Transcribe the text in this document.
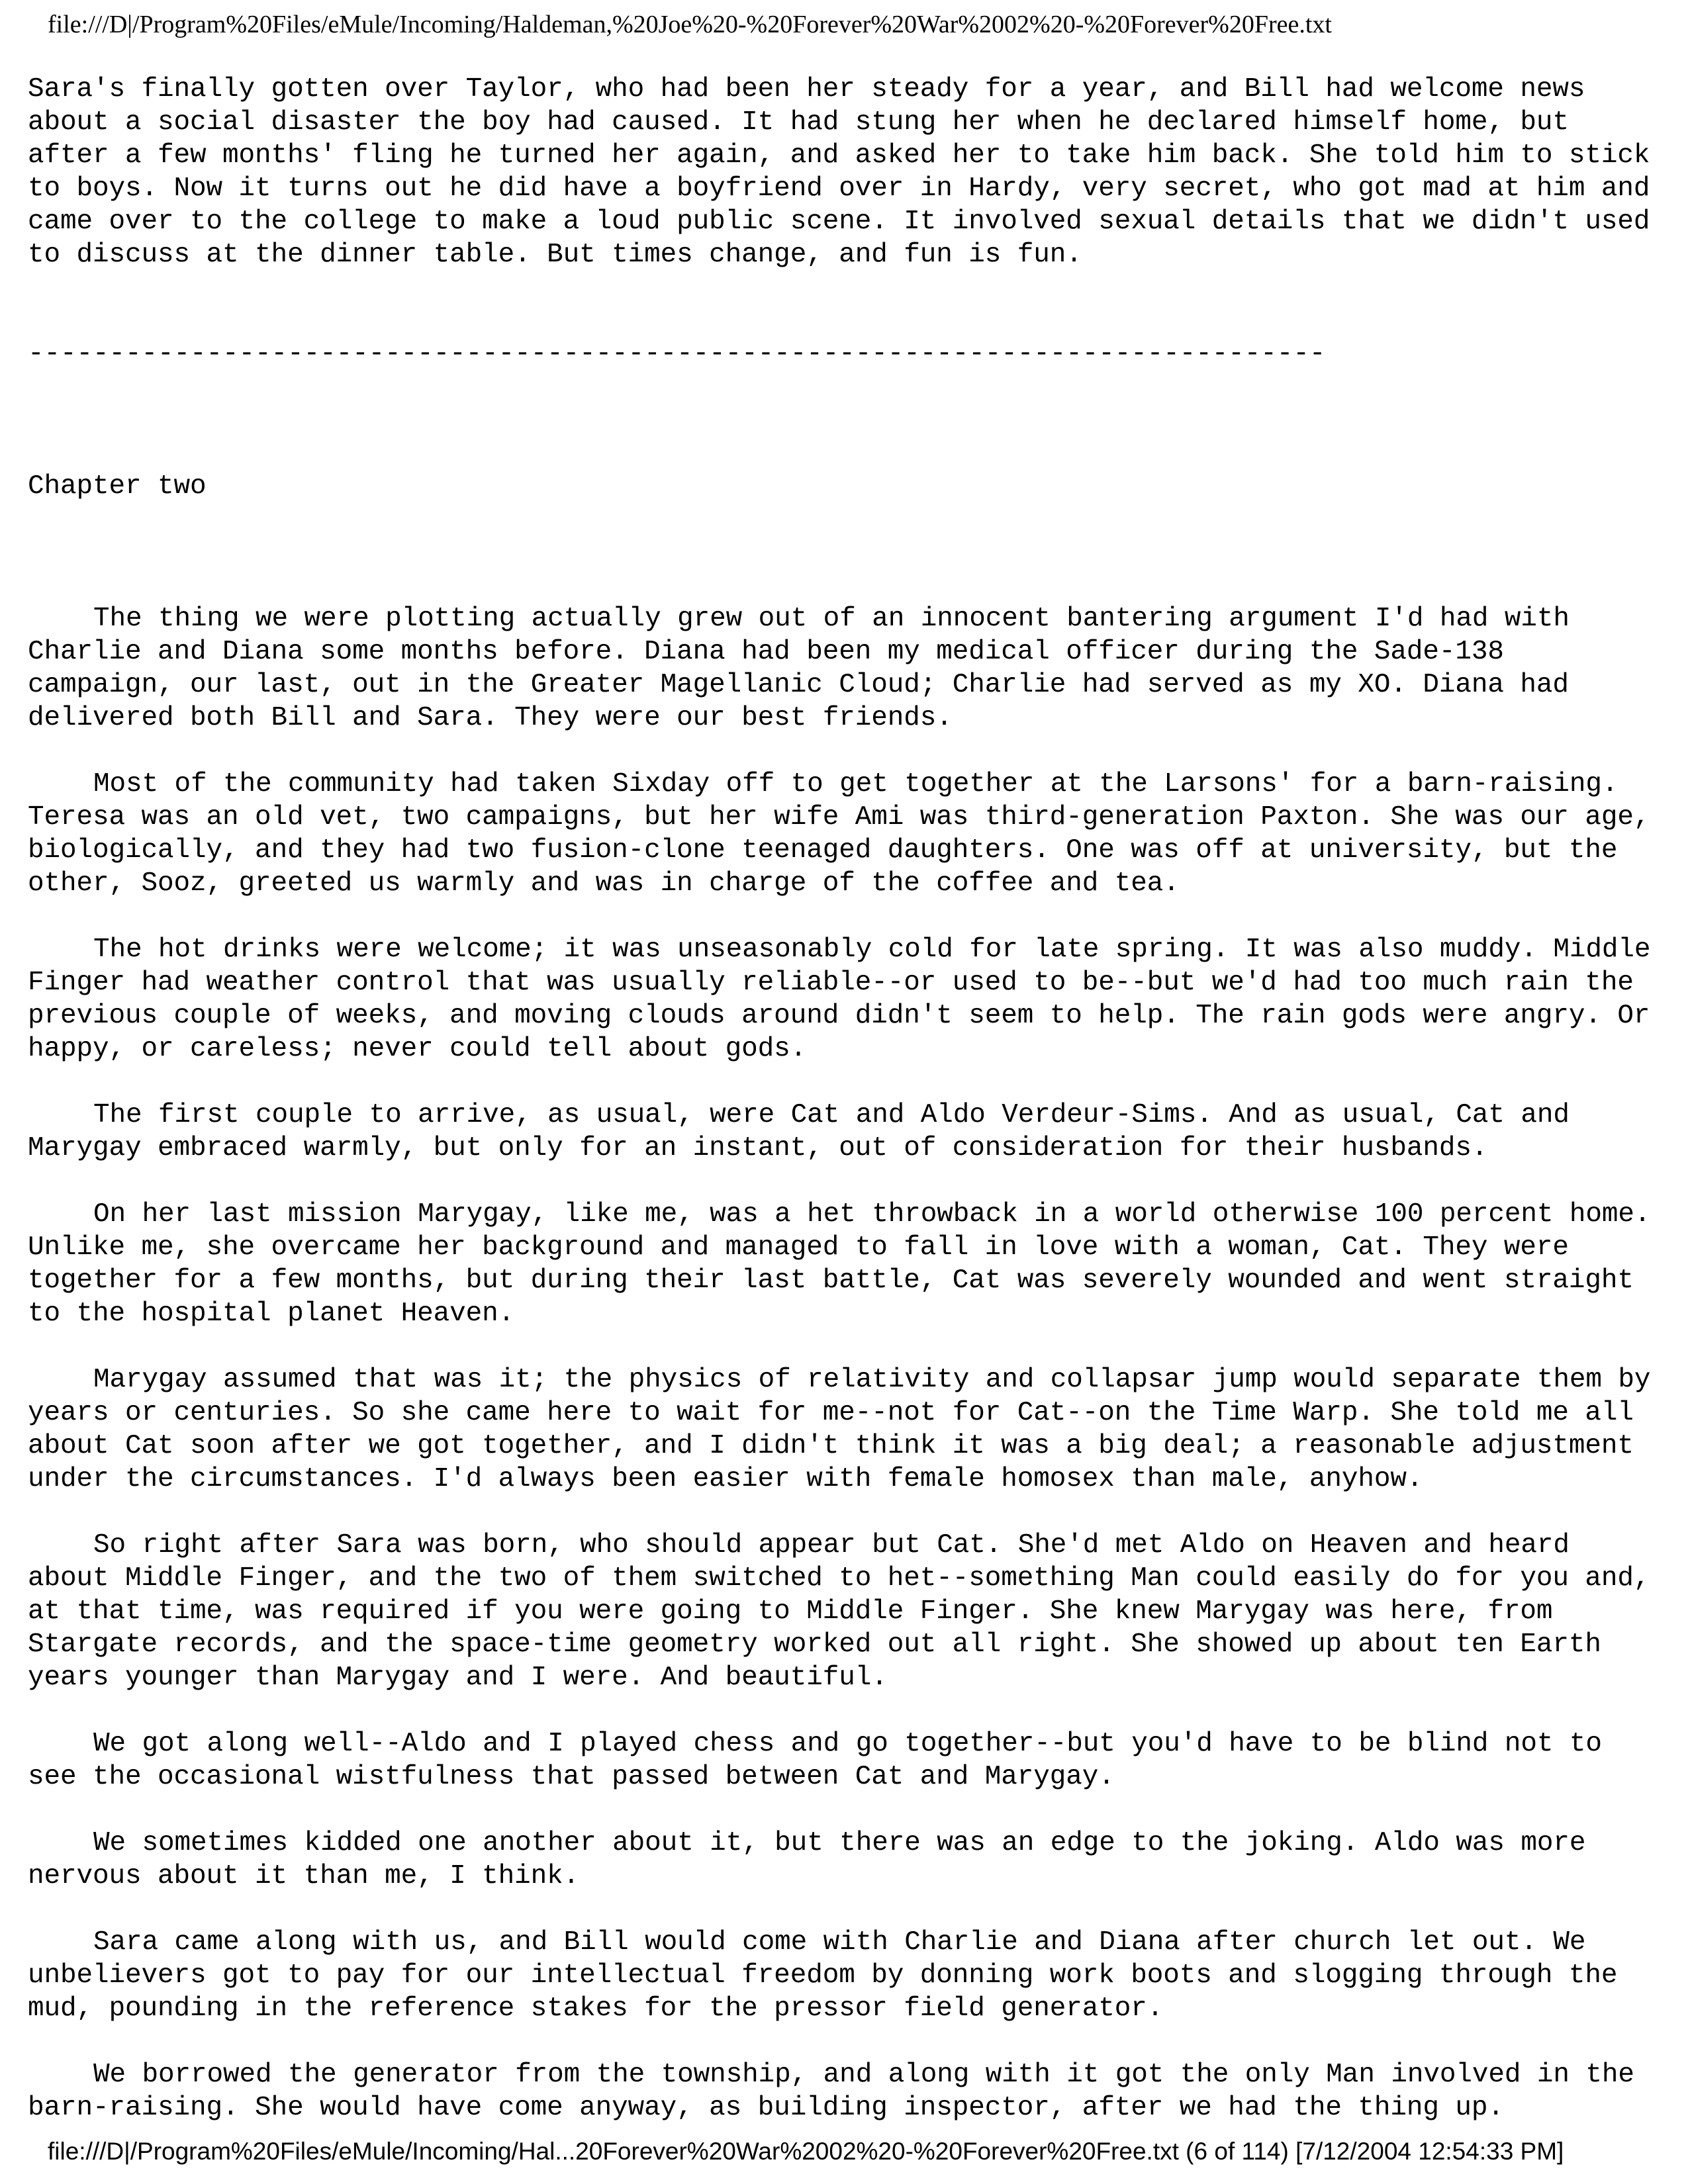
file:///D|/Program%20Files/eMule/Incoming/Haldeman,%20Joe%20-%20Forever%20War%2002%20-%20Forever%20Free.txt

Sara's finally gotten over Taylor, who had been her steady for a year, and Bill had welcome news about a social disaster the boy had caused. It had stung her when he declared himself home, but after a few months' fling he turned her again, and asked her to take him back. She told him to stick to boys. Now it turns out he did have a boyfriend over in Hardy, very secret, who got mad at him and came over to the college to make a loud public scene. It involved sexual details that we didn't used to discuss at the dinner table. But times change, and fun is fun.

--------------------------------------------------------------------------------

Chapter two

The thing we were plotting actually grew out of an innocent bantering argument I'd had with Charlie and Diana some months before. Diana had been my medical officer during the Sade-138 campaign, our last, out in the Greater Magellanic Cloud; Charlie had served as my XO. Diana had delivered both Bill and Sara. They were our best friends.

Most of the community had taken Sixday off to get together at the Larsons' for a barn-raising. Teresa was an old vet, two campaigns, but her wife Ami was third-generation Paxton. She was our age, biologically, and they had two fusion-clone teenaged daughters. One was off at university, but the other, Sooz, greeted us warmly and was in charge of the coffee and tea.

The hot drinks were welcome; it was unseasonably cold for late spring. It was also muddy. Middle Finger had weather control that was usually reliable--or used to be--but we'd had too much rain the previous couple of weeks, and moving clouds around didn't seem to help. The rain gods were angry. Or happy, or careless; never could tell about gods.

The first couple to arrive, as usual, were Cat and Aldo Verdeur-Sims. And as usual, Cat and Marygay embraced warmly, but only for an instant, out of consideration for their husbands.

On her last mission Marygay, like me, was a het throwback in a world otherwise 100 percent home. Unlike me, she overcame her background and managed to fall in love with a woman, Cat. They were together for a few months, but during their last battle, Cat was severely wounded and went straight to the hospital planet Heaven.

Marygay assumed that was it; the physics of relativity and collapsar jump would separate them by years or centuries. So she came here to wait for me--not for Cat--on the Time Warp. She told me all about Cat soon after we got together, and I didn't think it was a big deal; a reasonable adjustment under the circumstances. I'd always been easier with female homosex than male, anyhow.

So right after Sara was born, who should appear but Cat. She'd met Aldo on Heaven and heard about Middle Finger, and the two of them switched to het--something Man could easily do for you and, at that time, was required if you were going to Middle Finger. She knew Marygay was here, from Stargate records, and the space-time geometry worked out all right. She showed up about ten Earth years younger than Marygay and I were. And beautiful.

We got along well--Aldo and I played chess and go together--but you'd have to be blind not to see the occasional wistfulness that passed between Cat and Marygay.

We sometimes kidded one another about it, but there was an edge to the joking. Aldo was more nervous about it than me, I think.

Sara came along with us, and Bill would come with Charlie and Diana after church let out. We unbelievers got to pay for our intellectual freedom by donning work boots and slogging through the mud, pounding in the reference stakes for the pressor field generator.

We borrowed the generator from the township, and along with it got the only Man involved in the barn-raising. She would have come anyway, as building inspector, after we had the thing up.

file:///D|/Program%20Files/eMule/Incoming/Hal...20Forever%20War%2002%20-%20Forever%20Free.txt (6 of 114) [7/12/2004 12:54:33 PM]
